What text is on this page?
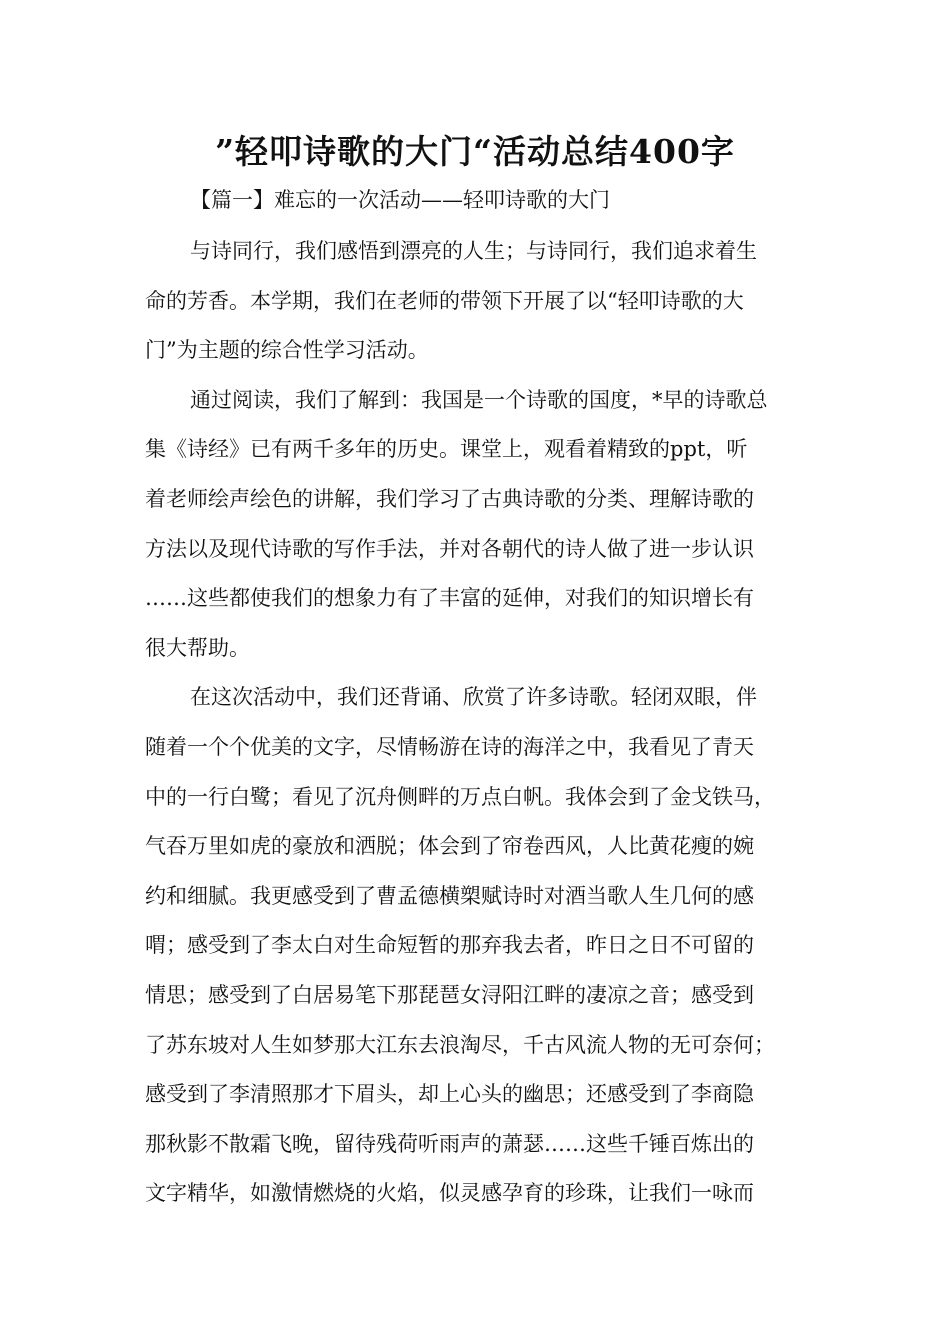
”轻叩诗歌的大门“活动总结400字

【篇一】难忘的一次活动——轻叩诗歌的大门

与诗同行，我们感悟到漂亮的人生；与诗同行，我们追求着生
命的芳香。本学期，我们在老师的带领下开展了以“轻叩诗歌的大
门”为主题的综合性学习活动。
通过阅读，我们了解到：我国是一个诗歌的国度，*早的诗歌总
集《诗经》已有两千多年的历史。课堂上，观看着精致的ppt，听
着老师绘声绘色的讲解，我们学习了古典诗歌的分类、理解诗歌的
方法以及现代诗歌的写作手法，并对各朝代的诗人做了进一步认识
……这些都使我们的想象力有了丰富的延伸，对我们的知识增长有
很大帮助。
在这次活动中，我们还背诵、欣赏了许多诗歌。轻闭双眼，伴
随着一个个优美的文字，尽情畅游在诗的海洋之中，我看见了青天
中的一行白鹭；看见了沉舟侧畔的万点白帆。我体会到了金戈铁马，
气吞万里如虎的豪放和洒脱；体会到了帘卷西风，人比黄花瘦的婉
约和细腻。我更感受到了曹孟德横槊赋诗时对酒当歌人生几何的感
喟；感受到了李太白对生命短暂的那弃我去者，昨日之日不可留的
情思；感受到了白居易笔下那琵琶女浔阳江畔的凄凉之音；感受到
了苏东坡对人生如梦那大江东去浪淘尽，千古风流人物的无可奈何；
感受到了李清照那才下眉头，却上心头的幽思；还感受到了李商隐
那秋影不散霜飞晚，留待残荷听雨声的萧瑟……这些千锤百炼出的
文字精华，如激情燃烧的火焰，似灵感孕育的珍珠，让我们一咏而
